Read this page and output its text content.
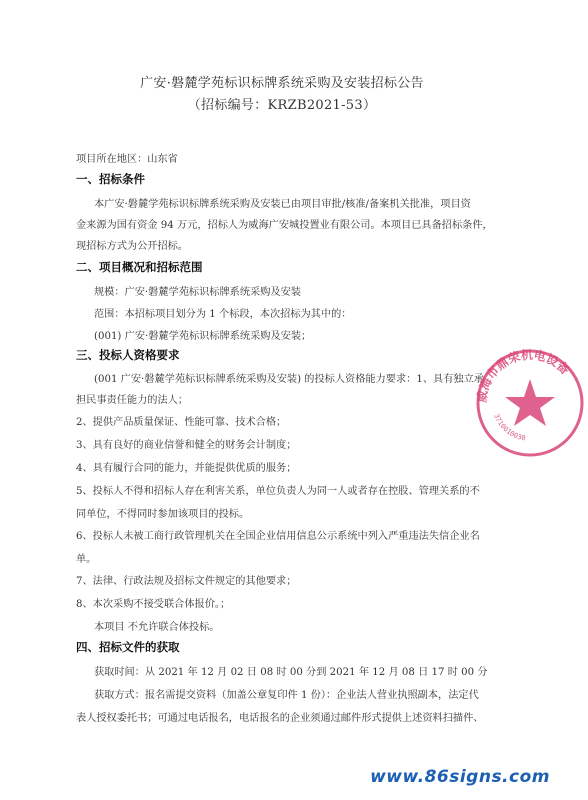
广安·磐麓学苑标识标牌系统采购及安装招标公告
（招标编号：KRZB2021-53）
项目所在地区：山东省
一、招标条件
本广安·磐麓学苑标识标牌系统采购及安装已由项目审批/核准/备案机关批准，项目资
金来源为国有资金 94 万元，招标人为威海广安城投置业有限公司。本项目已具备招标条件，
现招标方式为公开招标。
二、项目概况和招标范围
规模：广安·磐麓学苑标识标牌系统采购及安装
范围：本招标项目划分为 1 个标段，本次招标为其中的：
(001) 广安·磐麓学苑标识标牌系统采购及安装；
三、投标人资格要求
(001 广安·磐麓学苑标识标牌系统采购及安装) 的投标人资格能力要求：1、具有独立承
担民事责任能力的法人；
2、提供产品质量保证、性能可靠、技术合格；
3、具有良好的商业信誉和健全的财务会计制度；
4、具有履行合同的能力，并能提供优质的服务；
5、投标人不得和招标人存在利害关系，单位负责人为同一人或者存在控股、管理关系的不
同单位，不得同时参加该项目的投标。
6、投标人未被工商行政管理机关在全国企业信用信息公示系统中列入严重违法失信企业名
单。
7、法律、行政法规及招标文件规定的其他要求；
8、本次采购不接受联合体报价。；
本项目 不允许联合体投标。
四、招标文件的获取
获取时间：从 2021 年 12 月 02 日 08 时 00 分到 2021 年 12 月 08 日 17 时 00 分
获取方式：报名需提交资料（加盖公章复印件 1 份）：企业法人营业执照副本，法定代
表人授权委托书；可通过电话报名，电话报名的企业须通过邮件形式提供上述资料扫描件、
威海市鼎荣机电设备
3710010030
www.86signs.com
